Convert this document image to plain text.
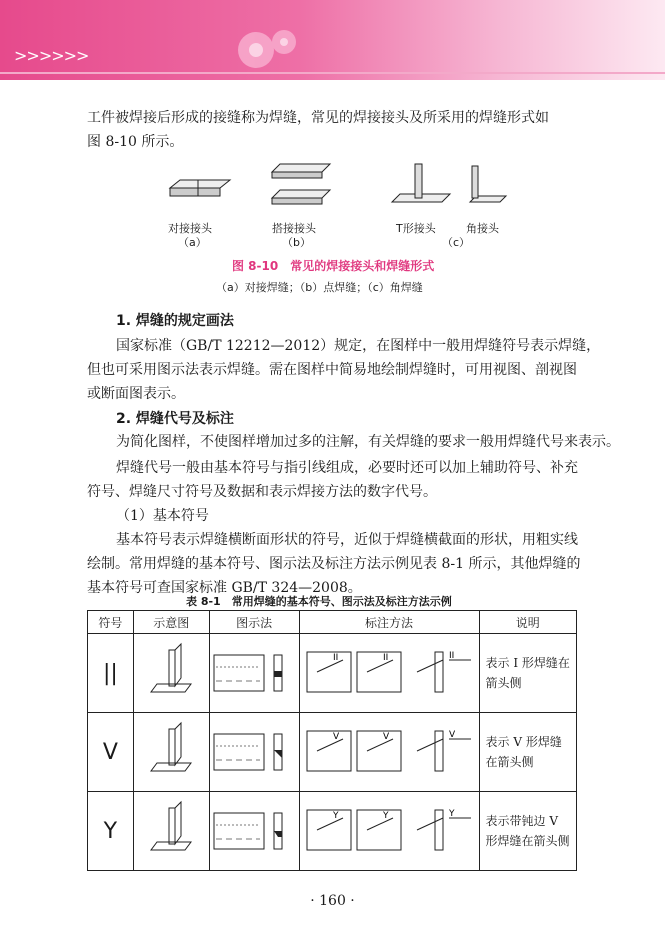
>>>>>>
工件被焊接后形成的接缝称为焊缝，常见的焊接接头及所采用的焊缝形式如
图 8-10 所示。
对接接头
（a）
搭接接头
（b）
T形接头	角接头
（c）
图 8-10　常见的焊接接头和焊缝形式
（a）对接焊缝；（b）点焊缝；（c）角焊缝
1. 焊缝的规定画法
国家标准（GB/T 12212—2012）规定，在图样中一般用焊缝符号表示焊缝，
但也可采用图示法表示焊缝。需在图样中简易地绘制焊缝时，可用视图、剖视图
或断面图表示。
2. 焊缝代号及标注
为简化图样，不使图样增加过多的注解，有关焊缝的要求一般用焊缝代号来表示。
焊缝代号一般由基本符号与指引线组成，必要时还可以加上辅助符号、补充
符号、焊缝尺寸符号及数据和表示焊接方法的数字代号。
（1）基本符号
基本符号表示焊缝横断面形状的符号，近似于焊缝横截面的形状，用粗实线
绘制。常用焊缝的基本符号、图示法及标注方法示例见表 8-1 所示，其他焊缝的
基本符号可查国家标准 GB/T 324—2008。
表 8-1　常用焊缝的基本符号、图示法及标注方法示例
符号	示意图	图示法	标注方法	说明
||			II II II	表示 I 形焊缝在箭头侧
V			V V V	表示 V 形焊缝在箭头侧
Y			Y Y Y	表示带钝边 V 形焊缝在箭头侧
· 160 ·
